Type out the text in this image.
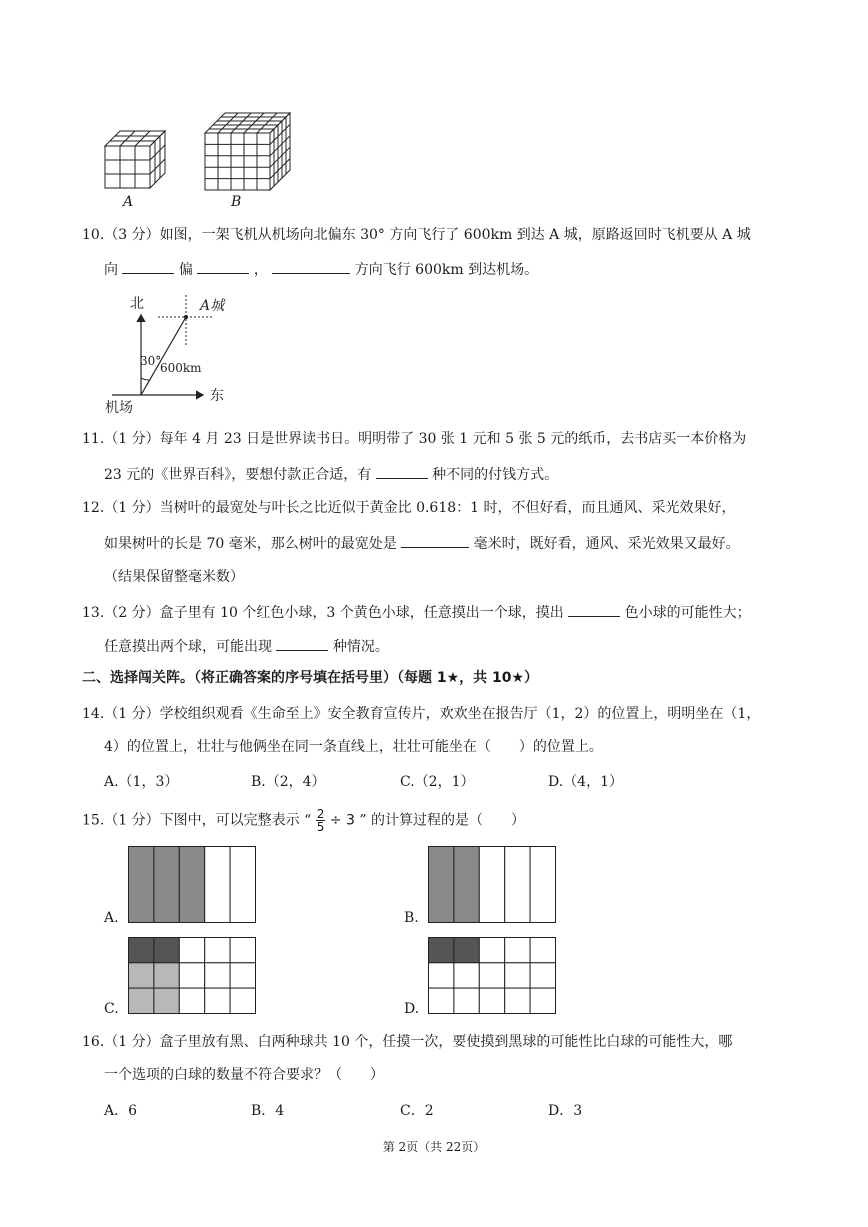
A	B
10.（3 分）如图，一架飞机从机场向北偏东 30° 方向飞行了 600km 到达 A 城，原路返回时飞机要从 A 城
向	偏	，	方向飞行 600km 到达机场。
北	A城
30°
600km
东
机场
11.（1 分）每年 4 月 23 日是世界读书日。明明带了 30 张 1 元和 5 张 5 元的纸币，去书店买一本价格为
23 元的《世界百科》，要想付款正合适，有	种不同的付钱方式。
12.（1 分）当树叶的最宽处与叶长之比近似于黄金比 0.618：1 时，不但好看，而且通风、采光效果好，
如果树叶的长是 70 毫米，那么树叶的最宽处是	毫米时，既好看，通风、采光效果又最好。
（结果保留整毫米数）
13.（2 分）盒子里有 10 个红色小球，3 个黄色小球，任意摸出一个球，摸出	色小球的可能性大；
任意摸出两个球，可能出现	种情况。
二、选择闯关阵。（将正确答案的序号填在括号里）（每题 1★，共 10★）
14.（1 分）学校组织观看《生命至上》安全教育宣传片，欢欢坐在报告厅（1，2）的位置上，明明坐在（1，
4）的位置上，壮壮与他俩坐在同一条直线上，壮壮可能坐在（　　）的位置上。
A.（1，3）	B.（2，4）	C.（2，1）	D.（4，1）
15.（1 分）下图中，可以完整表示 “ $\frac{2}{5} \div 3$ ” 的计算过程的是（　　）
A.	B.
C.	D.
16.（1 分）盒子里放有黑、白两种球共 10 个，任摸一次，要使摸到黑球的可能性比白球的可能性大，哪
一个选项的白球的数量不符合要求？（　　）
A．6	B．4	C．2	D．3
第 2页（共 22页）
